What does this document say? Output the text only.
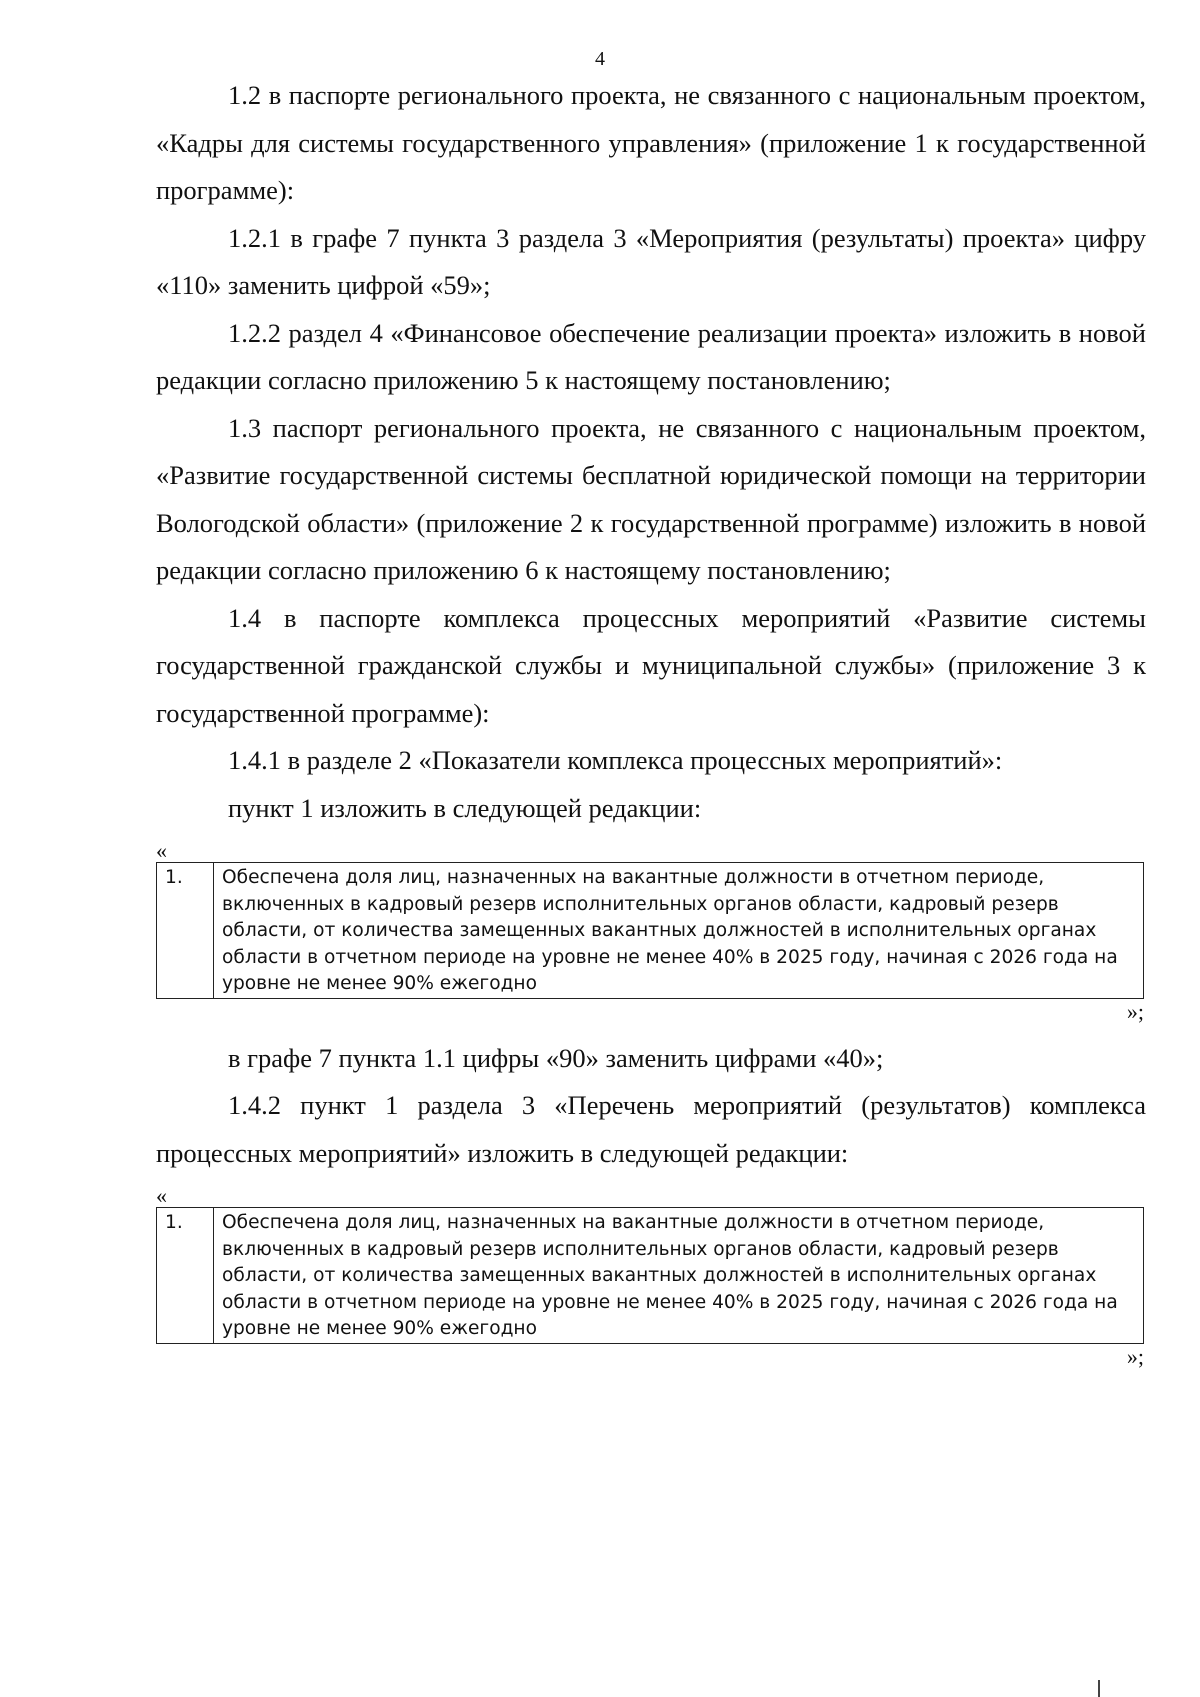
4

1.2 в паспорте регионального проекта, не связанного с национальным проектом, «Кадры для системы государственного управления» (приложение 1 к государственной программе):

1.2.1 в графе 7 пункта 3 раздела 3 «Мероприятия (результаты) проекта» цифру «110» заменить цифрой «59»;

1.2.2 раздел 4 «Финансовое обеспечение реализации проекта» изложить в новой редакции согласно приложению 5 к настоящему постановлению;

1.3 паспорт регионального проекта, не связанного с национальным проектом, «Развитие государственной системы бесплатной юридической помощи на территории Вологодской области» (приложение 2 к государственной программе) изложить в новой редакции согласно приложению 6 к настоящему постановлению;

1.4 в паспорте комплекса процессных мероприятий «Развитие системы государственной гражданской службы и муниципальной службы» (приложение 3 к государственной программе):

1.4.1 в разделе 2 «Показатели комплекса процессных мероприятий»:

пункт 1 изложить в следующей редакции:

«
1.	Обеспечена доля лиц, назначенных на вакантные должности в отчетном периоде, включенных в кадровый резерв исполнительных органов области, кадровый резерв области, от количества замещенных вакантных должностей в исполнительных органах области в отчетном периоде на уровне не менее 40% в 2025 году, начиная с 2026 года на уровне не менее 90% ежегодно
»;

в графе 7 пункта 1.1 цифры «90» заменить цифрами «40»;

1.4.2 пункт 1 раздела 3 «Перечень мероприятий (результатов) комплекса процессных мероприятий» изложить в следующей редакции:

«
1.	Обеспечена доля лиц, назначенных на вакантные должности в отчетном периоде, включенных в кадровый резерв исполнительных органов области, кадровый резерв области, от количества замещенных вакантных должностей в исполнительных органах области в отчетном периоде на уровне не менее 40% в 2025 году, начиная с 2026 года на уровне не менее 90% ежегодно
»;
